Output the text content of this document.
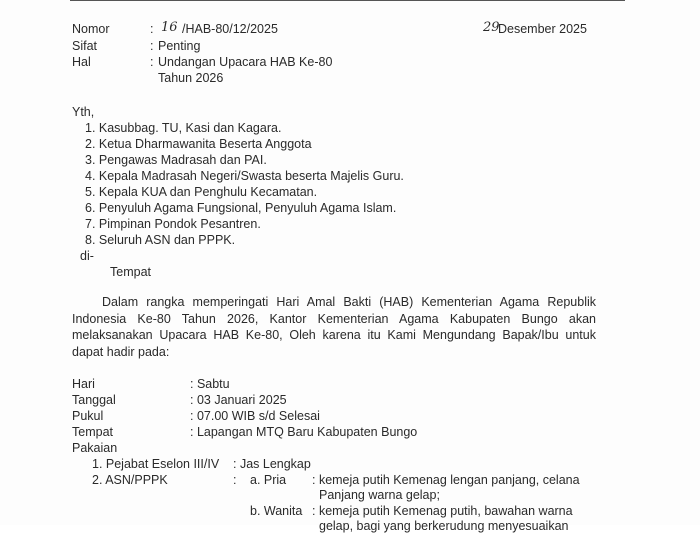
Nomor	: 16 /HAB-80/12/2025	29
Desember 2025
Sifat	: Penting
Hal	: Undangan Upacara HAB Ke-80
Tahun 2026
Yth,
1. Kasubbag. TU, Kasi dan Kagara.
2. Ketua Dharmawanita Beserta Anggota
3. Pengawas Madrasah dan PAI.
4. Kepala Madrasah Negeri/Swasta beserta Majelis Guru.
5. Kepala KUA dan Penghulu Kecamatan.
6. Penyuluh Agama Fungsional, Penyuluh Agama Islam.
7. Pimpinan Pondok Pesantren.
8. Seluruh ASN dan PPPK.
di-
Tempat
Dalam rangka memperingati Hari Amal Bakti (HAB) Kementerian Agama Republik Indonesia Ke-80 Tahun 2026, Kantor Kementerian Agama Kabupaten Bungo akan melaksanakan Upacara HAB Ke-80, Oleh karena itu Kami Mengundang Bapak/Ibu untuk dapat hadir pada:
Hari	: Sabtu
Tanggal	: 03 Januari 2025
Pukul	: 07.00 WIB s/d Selesai
Tempat	: Lapangan MTQ Baru Kabupaten Bungo
Pakaian
1. Pejabat Eselon III/IV : Jas Lengkap
2. ASN/PPPK	: a. Pria : kemeja putih Kemenag lengan panjang, celana
Panjang warna gelap;
b. Wanita : kemeja putih Kemenag putih, bawahan warna
gelap, bagi yang berkerudung menyesuaikan
